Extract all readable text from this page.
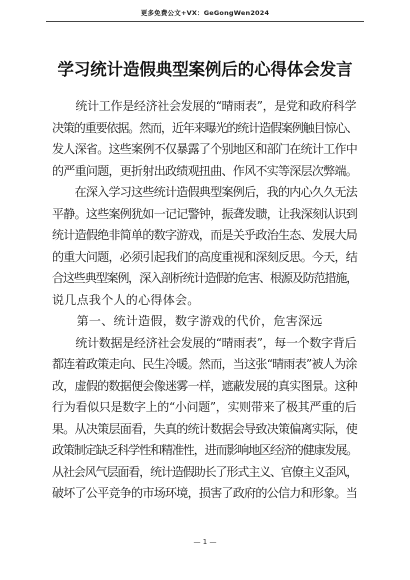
更多免费公文+VX：GeGongWen2024
学习统计造假典型案例后的心得体会发言
　　统计工作是经济社会发展的“晴雨表”，是党和政府科学
决策的重要依据。然而，近年来曝光的统计造假案例触目惊心、
发人深省。这些案例不仅暴露了个别地区和部门在统计工作中
的严重问题，更折射出政绩观扭曲、作风不实等深层次弊端。
　　在深入学习这些统计造假典型案例后，我的内心久久无法
平静。这些案例犹如一记记警钟，振聋发聩，让我深刻认识到
统计造假绝非简单的数字游戏，而是关乎政治生态、发展大局
的重大问题，必须引起我们的高度重视和深刻反思。今天，结
合这些典型案例，深入剖析统计造假的危害、根源及防范措施，
说几点我个人的心得体会。
　　第一、统计造假，数字游戏的代价，危害深远
　　统计数据是经济社会发展的“晴雨表”，每一个数字背后
都连着政策走向、民生冷暖。然而，当这张“晴雨表”被人为涂
改，虚假的数据便会像迷雾一样，遮蔽发展的真实图景。这种
行为看似只是数字上的“小问题”，实则带来了极其严重的后
果。从决策层面看，失真的统计数据会导致决策偏离实际，使
政策制定缺乏科学性和精准性，进而影响地区经济的健康发展。
从社会风气层面看，统计造假助长了形式主义、官僚主义歪风，
破坏了公平竞争的市场环境，损害了政府的公信力和形象。当
— 1 —
